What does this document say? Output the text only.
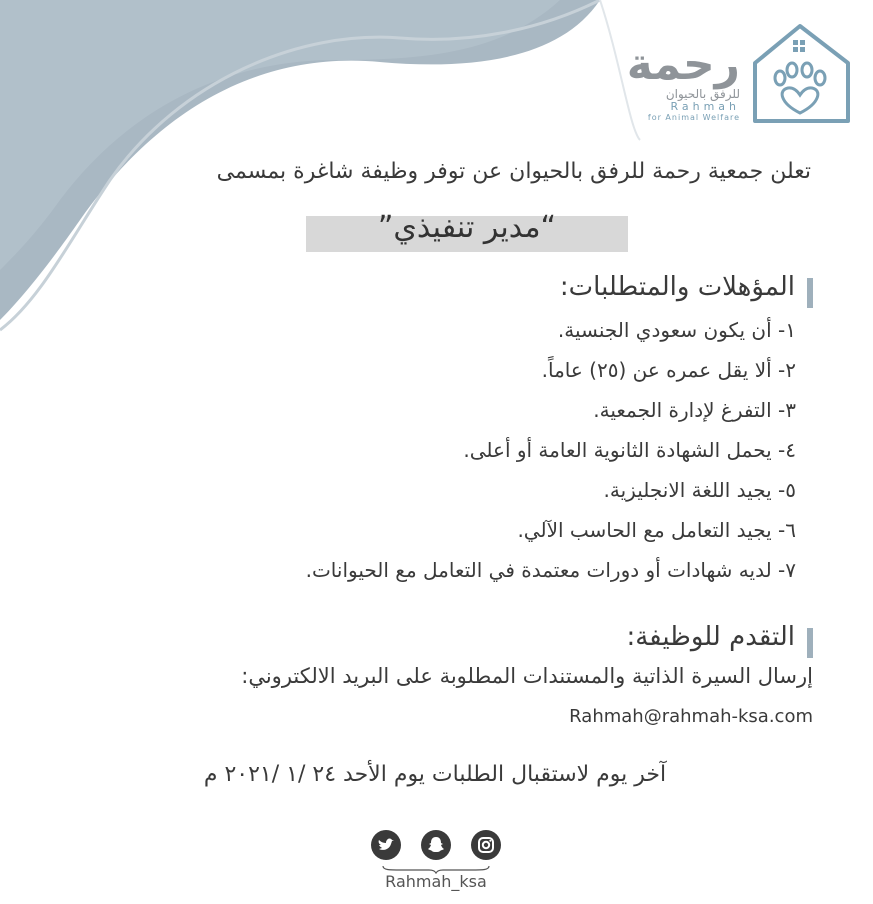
رحمة
للرفق بالحيوان
Rahmah
for Animal Welfare
تعلن جمعية رحمة للرفق بالحيوان عن توفر وظيفة شاغرة بمسمى
“مدير تنفيذي”
المؤهلات والمتطلبات:
١- أن يكون سعودي الجنسية.
٢- ألا يقل عمره عن (٢٥) عاماً.
٣- التفرغ لإدارة الجمعية.
٤- يحمل الشهادة الثانوية العامة أو أعلى.
٥- يجيد اللغة الانجليزية.
٦- يجيد التعامل مع الحاسب الآلي.
٧- لديه شهادات أو دورات معتمدة في التعامل مع الحيوانات.
التقدم للوظيفة:
إرسال السيرة الذاتية والمستندات المطلوبة على البريد الالكتروني:
Rahmah@rahmah-ksa.com
آخر يوم لاستقبال الطلبات يوم الأحد ٢٤ /١ /٢٠٢١ م
Rahmah_ksa
